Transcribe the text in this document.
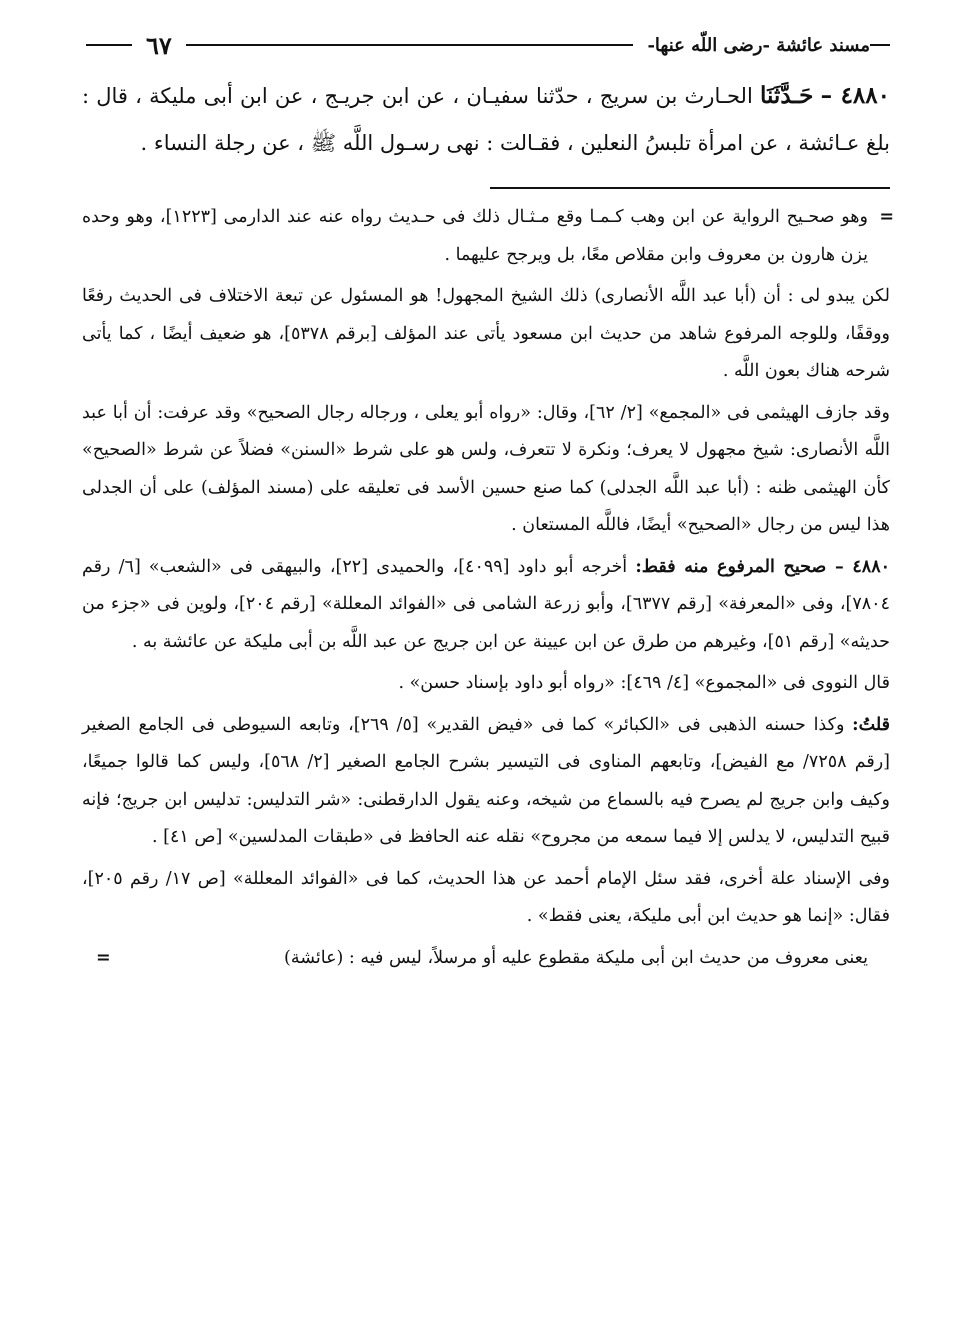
مسند عائشة -رضى اللّه عنها-
٦٧
٤٨٨٠ – حَـدَّثَنَا الحـارث بن سريج ، حدّثنا سفيـان ، عن ابن جريـج ، عن ابن أبى مليكة ، قال : بلغ عـائشة ، عن امرأة تلبسُ النعلين ، فقـالت : نهى رسـول اللَّه ﷺ ، عن رجلة النساء .

=
وهو صحـيح الرواية عن ابن وهب كـمـا وقع مـثـال ذلك فى حـديث رواه عنه عند الدارمى [١٢٢٣]، وهو وحده يزن هارون بن معروف وابن مقلاص معًا، بل ويرجح عليهما .

لكن يبدو لى : أن (أبا عبد اللَّه الأنصارى) ذلك الشيخ المجهول! هو المسئول عن تبعة الاختلاف فى الحديث رفعًا ووقفًا، وللوجه المرفوع شاهد من حديث ابن مسعود يأتى عند المؤلف [برقم ٥٣٧٨]، هو ضعيف أيضًا ، كما يأتى شرحه هناك بعون اللَّه .

وقد جازف الهيثمى فى «المجمع» [٢/ ٦٢]، وقال: «رواه أبو يعلى ، ورجاله رجال الصحيح» وقد عرفت: أن أبا عبد اللَّه الأنصارى: شيخ مجهول لا يعرف؛ ونكرة لا تتعرف، ولس هو على شرط «السنن» فضلاً عن شرط «الصحيح» كأن الهيثمى ظنه : (أبا عبد اللَّه الجدلى) كما صنع حسين الأسد فى تعليقه على (مسند المؤلف) على أن الجدلى هذا ليس من رجال «الصحيح» أيضًا، فاللَّه المستعان .

٤٨٨٠ – صحيح المرفوع منه فقط: أخرجه أبو داود [٤٠٩٩]، والحميدى [٢٢]، والبيهقى فى «الشعب» [٦/ رقم ٧٨٠٤]، وفى «المعرفة» [رقم ٦٣٧٧]، وأبو زرعة الشامى فى «الفوائد المعللة» [رقم ٢٠٤]، ولوين فى «جزء من حديثه» [رقم ٥١]، وغيرهم من طرق عن ابن عيينة عن ابن جريج عن عبد اللَّه بن أبى مليكة عن عائشة به .

قال النووى فى «المجموع» [٤/ ٤٦٩]: «رواه أبو داود بإسناد حسن» .

قلتُ: وكذا حسنه الذهبى فى «الكبائر» كما فى «فيض القدير» [٥/ ٢٦٩]، وتابعه السيوطى فى الجامع الصغير [رقم ٧٢٥٨/ مع الفيض]، وتابعهم المناوى فى التيسير بشرح الجامع الصغير [٢/ ٥٦٨]، وليس كما قالوا جميعًا، وكيف وابن جريج لم يصرح فيه بالسماع من شيخه، وعنه يقول الدارقطنى: «شر التدليس: تدليس ابن جريج؛ فإنه قبيح التدليس، لا يدلس إلا فيما سمعه من مجروح» نقله عنه الحافظ فى «طبقات المدلسين» [ص ٤١] .

وفى الإسناد علة أخرى، فقد سئل الإمام أحمد عن هذا الحديث، كما فى «الفوائد المعللة» [ص ١٧/ رقم ٢٠٥]، فقال: «إنما هو حديث ابن أبى مليكة، يعنى فقط» .

يعنى معروف من حديث ابن أبى مليكة مقطوع عليه أو مرسلاً، ليس فيه : (عائشة)
=
